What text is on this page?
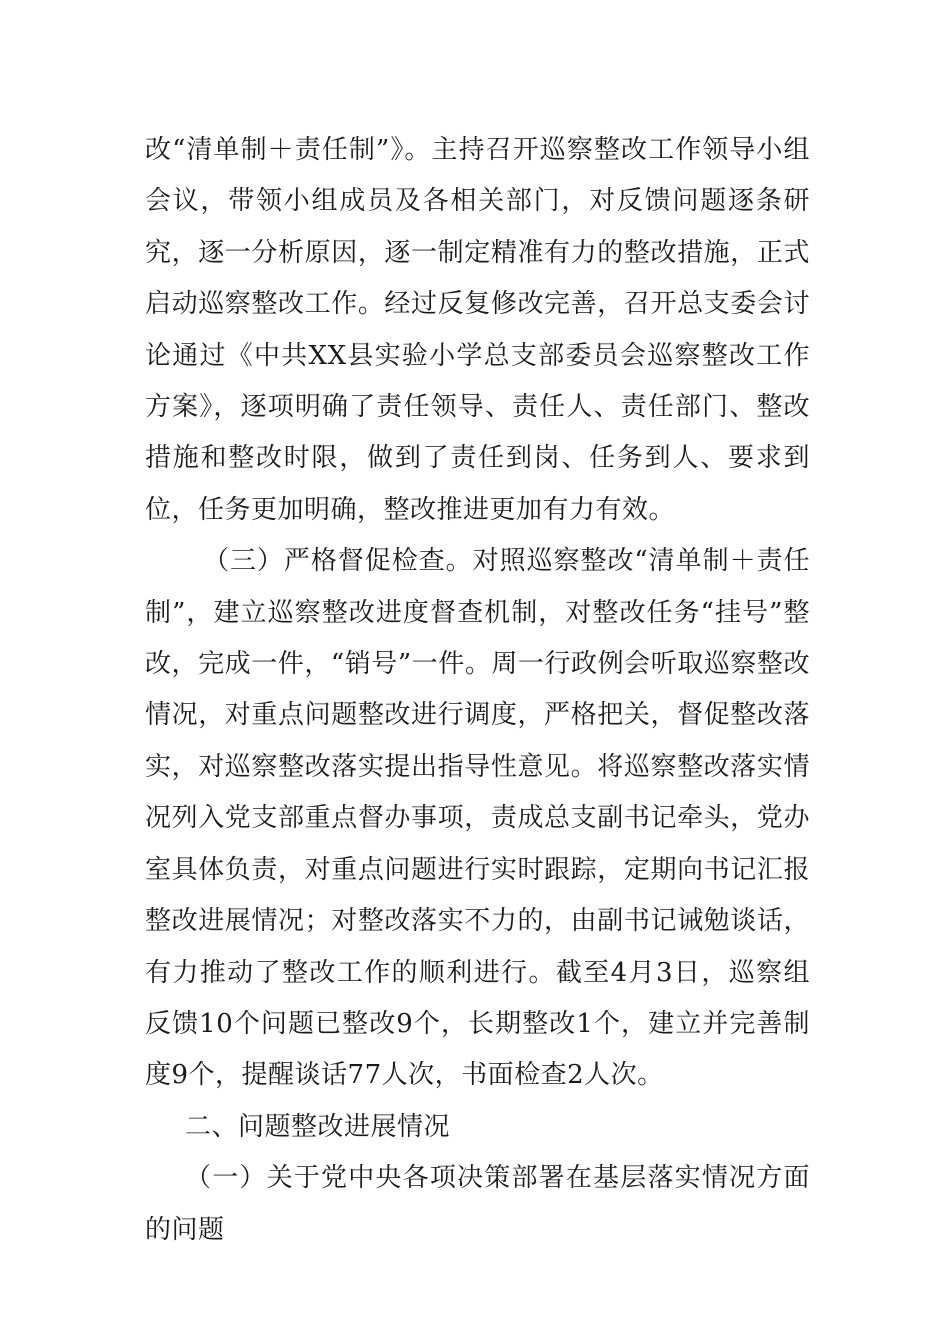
改“清单制＋责任制”》。主持召开巡察整改工作领导小组会议，带领小组成员及各相关部门，对反馈问题逐条研究，逐一分析原因，逐一制定精准有力的整改措施，正式启动巡察整改工作。经过反复修改完善，召开总支委会讨论通过《中共XX县实验小学总支部委员会巡察整改工作方案》，逐项明确了责任领导、责任人、责任部门、整改措施和整改时限，做到了责任到岗、任务到人、要求到位，任务更加明确，整改推进更加有力有效。

（三）严格督促检查。对照巡察整改“清单制＋责任制”，建立巡察整改进度督查机制，对整改任务“挂号”整改，完成一件，“销号”一件。周一行政例会听取巡察整改情况，对重点问题整改进行调度，严格把关，督促整改落实，对巡察整改落实提出指导性意见。将巡察整改落实情况列入党支部重点督办事项，责成总支副书记牵头，党办室具体负责，对重点问题进行实时跟踪，定期向书记汇报整改进展情况；对整改落实不力的，由副书记诫勉谈话，有力推动了整改工作的顺利进行。截至4月3日，巡察组反馈10个问题已整改9个，长期整改1个，建立并完善制度9个，提醒谈话77人次，书面检查2人次。

二、问题整改进展情况

（一）关于党中央各项决策部署在基层落实情况方面的问题
